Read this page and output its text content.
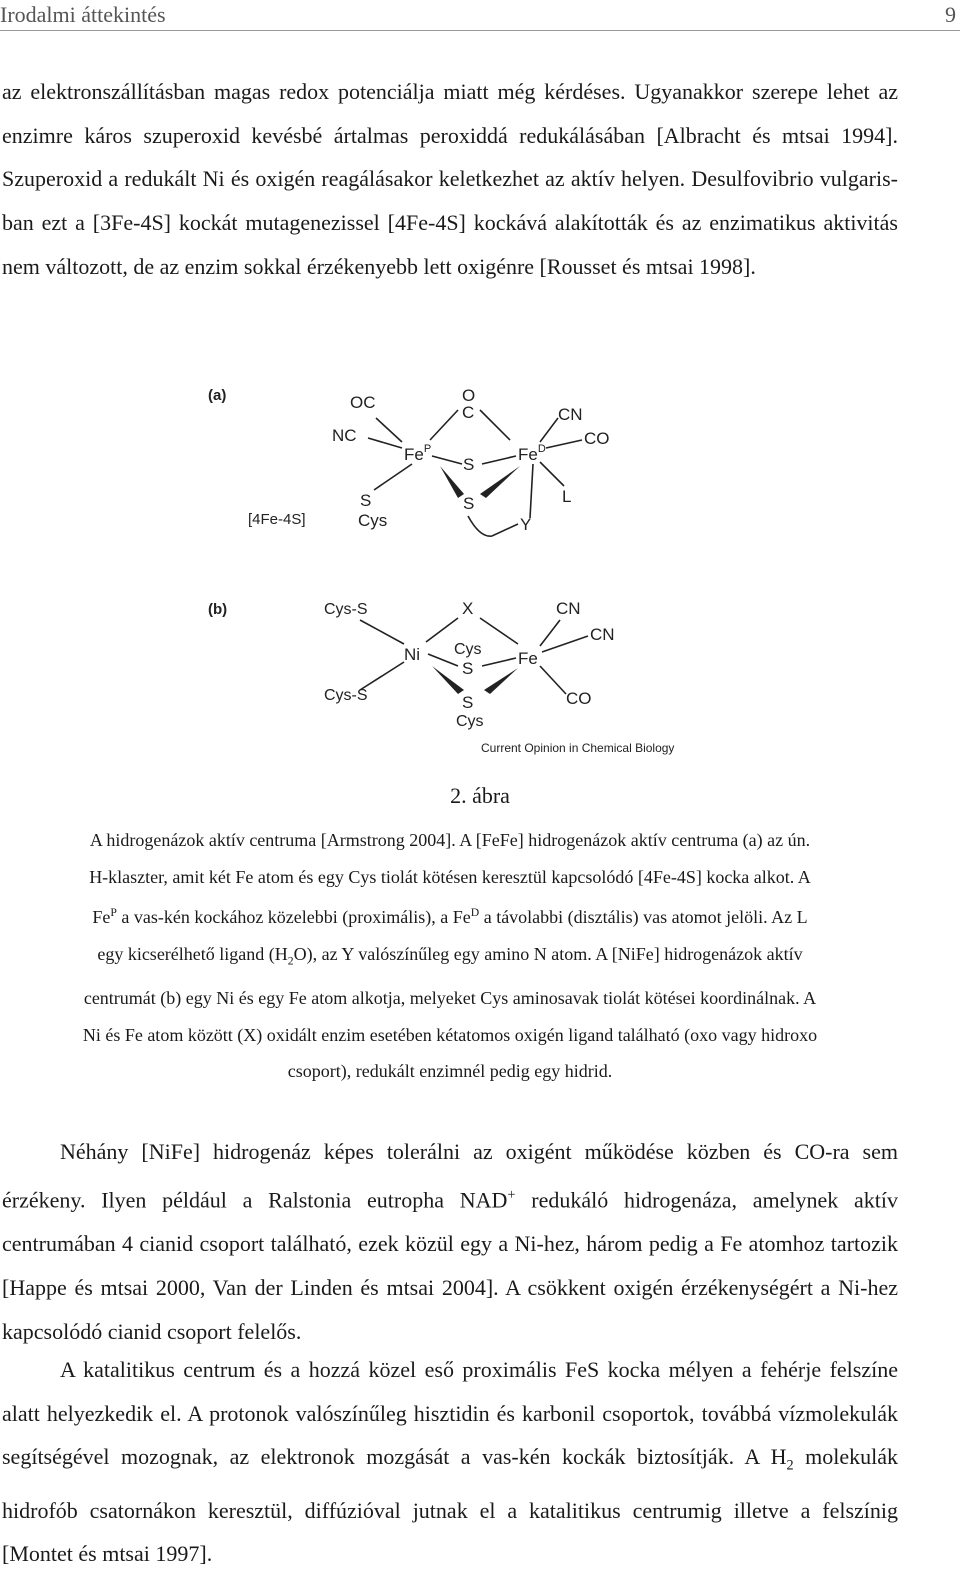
Irodalmi áttekintés	9

az elektronszállításban magas redox potenciálja miatt még kérdéses. Ugyanakkor szerepe lehet az enzimre káros szuperoxid kevésbé ártalmas peroxiddá redukálásában [Albracht és mtsai 1994]. Szuperoxid a redukált Ni és oxigén reagálásakor keletkezhet az aktív helyen. Desulfovibrio vulgaris-ban ezt a [3Fe-4S] kockát mutagenezissel [4Fe-4S] kockává alakították és az enzimatikus aktivitás nem változott, de az enzim sokkal érzékenyebb lett oxigénre [Rousset és mtsai 1998].

(a)	OC
NC
O
C	CN
CO
$Fe^P$	$Fe^D$
S
S
S
Cys
[4Fe-4S]
L
Y
(b)	Cys-S	X	CN
CN
Ni Cys
S
Fe
Cys-S	CO
S
Cys
Current Opinion in Chemical Biology
2. ábra

A hidrogenázok aktív centruma [Armstrong 2004]. A [FeFe] hidrogenázok aktív centruma (a) az ún. H-klaszter, amit két Fe atom és egy Cys tiolát kötésen keresztül kapcsolódó [4Fe-4S] kocka alkot. A $Fe^P$ a vas-kén kockához közelebbi (proximális), a $Fe^D$ a távolabbi (disztális) vas atomot jelöli. Az L egy kicserélhető ligand $(H_2O)$, az Y valószínűleg egy amino N atom. A [NiFe] hidrogenázok aktív centrumát (b) egy Ni és egy Fe atom alkotja, melyeket Cys aminosavak tiolát kötései koordinálnak. A Ni és Fe atom között (X) oxidált enzim esetében kétatomos oxigén ligand található (oxo vagy hidroxo csoport), redukált enzimnél pedig egy hidrid.

Néhány [NiFe] hidrogenáz képes tolerálni az oxigént működése közben és CO-ra sem érzékeny. Ilyen például a Ralstonia eutropha NAD+ redukáló hidrogenáza, amelynek aktív centrumában 4 cianid csoport található, ezek közül egy a Ni-hez, három pedig a Fe atomhoz tartozik [Happe és mtsai 2000, Van der Linden és mtsai 2004]. A csökkent oxigén érzékenységért a Ni-hez kapcsolódó cianid csoport felelős.

A katalitikus centrum és a hozzá közel eső proximális FeS kocka mélyen a fehérje felszíne alatt helyezkedik el. A protonok valószínűleg hisztidin és karbonil csoportok, továbbá vízmolekulák segítségével mozognak, az elektronok mozgását a vas-kén kockák biztosítják. A $H_2$ molekulák hidrofób csatornákon keresztül, diffúzióval jutnak el a katalitikus centrumig illetve a felszínig [Montet és mtsai 1997].
